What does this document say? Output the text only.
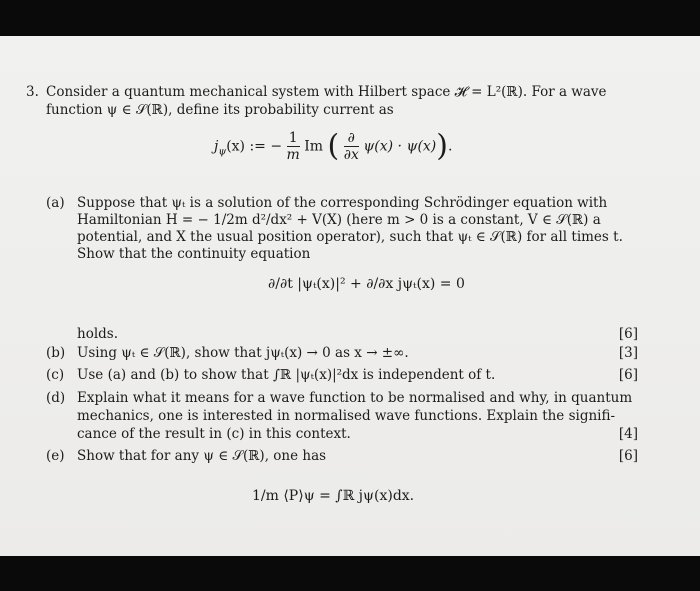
3. Consider a quantum mechanical system with Hilbert space 𝓗 = L²(ℝ). For a wave
function ψ ∈ 𝒮(ℝ), define its probability current as
$j_\psi(x)$ := − $\frac{1}{m}$ Im ( $\frac{\partial}{\partial x} \psi(x) \cdot \psi(x)$).
(a) Suppose that ψₜ is a solution of the corresponding Schrödinger equation with
Hamiltonian H = − 1/2m d²/dx² + V(X) (here m > 0 is a constant, V ∈ 𝒮(ℝ) a
potential, and X the usual position operator), such that ψₜ ∈ 𝒮(ℝ) for all times t.
Show that the continuity equation
∂/∂t |ψₜ(x)|² + ∂/∂x jψₜ(x) = 0
holds.	[6]
(b) Using ψₜ ∈ 𝒮(ℝ), show that jψₜ(x) → 0 as x → ±∞.	[3]
(c) Use (a) and (b) to show that ∫ℝ |ψₜ(x)|²dx is independent of t.	[6]
(d) Explain what it means for a wave function to be normalised and why, in quantum
mechanics, one is interested in normalised wave functions. Explain the signifi-
cance of the result in (c) in this context.	[4]
(e) Show that for any ψ ∈ 𝒮(ℝ), one has	[6]
1/m ⟨P⟩ψ = ∫ℝ jψ(x)dx.
